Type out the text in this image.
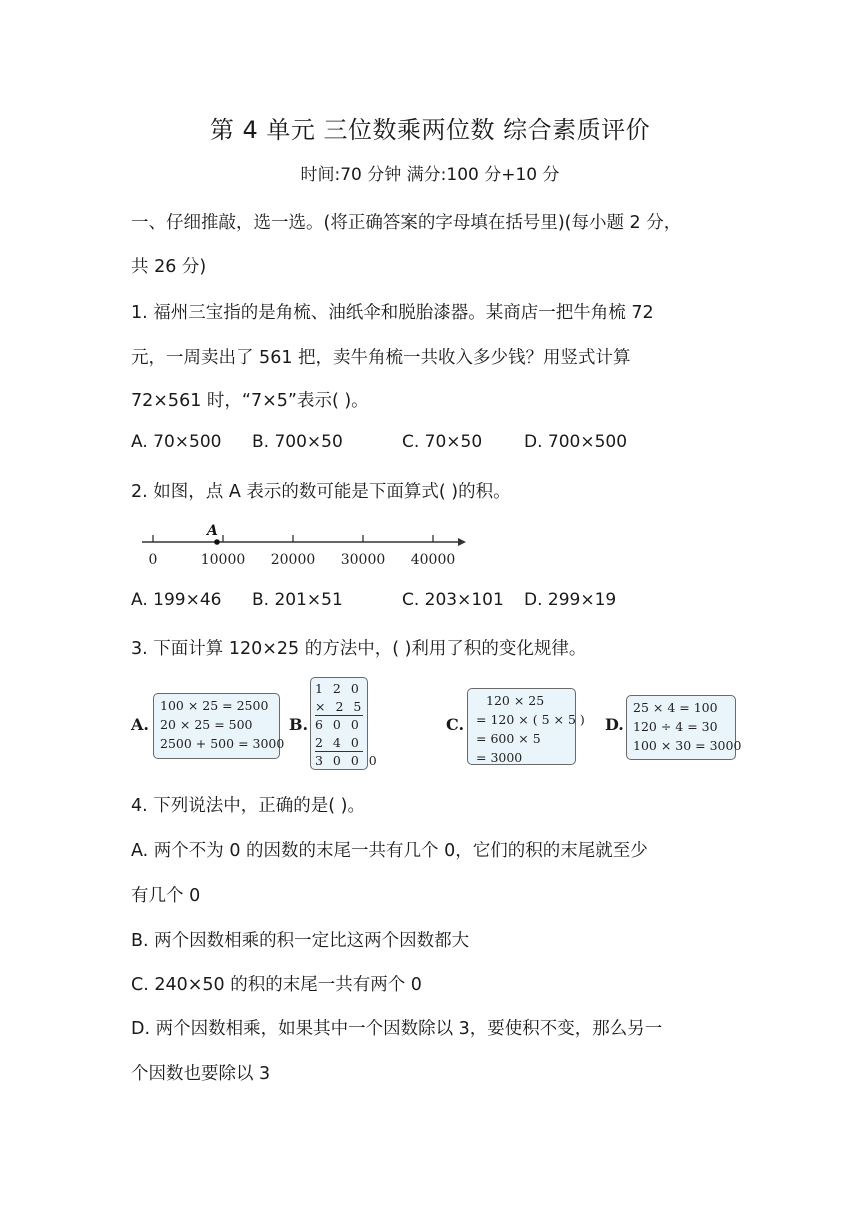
第 4 单元 三位数乘两位数 综合素质评价
时间:70 分钟 满分:100 分+10 分
一、仔细推敲，选一选。(将正确答案的字母填在括号里)(每小题 2 分，
共 26 分)
1. 福州三宝指的是角梳、油纸伞和脱胎漆器。某商店一把牛角梳 72
元，一周卖出了 561 把，卖牛角梳一共收入多少钱？用竖式计算
72×561 时，“7×5”表示( )。
A. 70×500 B. 700×50	C. 70×50 D. 700×500
2. 如图，点 A 表示的数可能是下面算式( )的积。
A
0	10000 20000 30000 40000
A. 199×46 B. 201×51	C. 203×101 D. 299×19
3. 下面计算 120×25 的方法中，( )利用了积的变化规律。
A.
100 × 25 = 2500
20 × 25 = 500
2500 + 500 = 3000
B.
1 2 0
× 2 5
6 0 0
2 4 0
3 0 0 0
C.
120 × 25
= 120 × ( 5 × 5 )
= 600 × 5
= 3000
D.
25 × 4 = 100
120 ÷ 4 = 30
100 × 30 = 3000
4. 下列说法中，正确的是( )。
A. 两个不为 0 的因数的末尾一共有几个 0，它们的积的末尾就至少
有几个 0
B. 两个因数相乘的积一定比这两个因数都大
C. 240×50 的积的末尾一共有两个 0
D. 两个因数相乘，如果其中一个因数除以 3，要使积不变，那么另一
个因数也要除以 3
